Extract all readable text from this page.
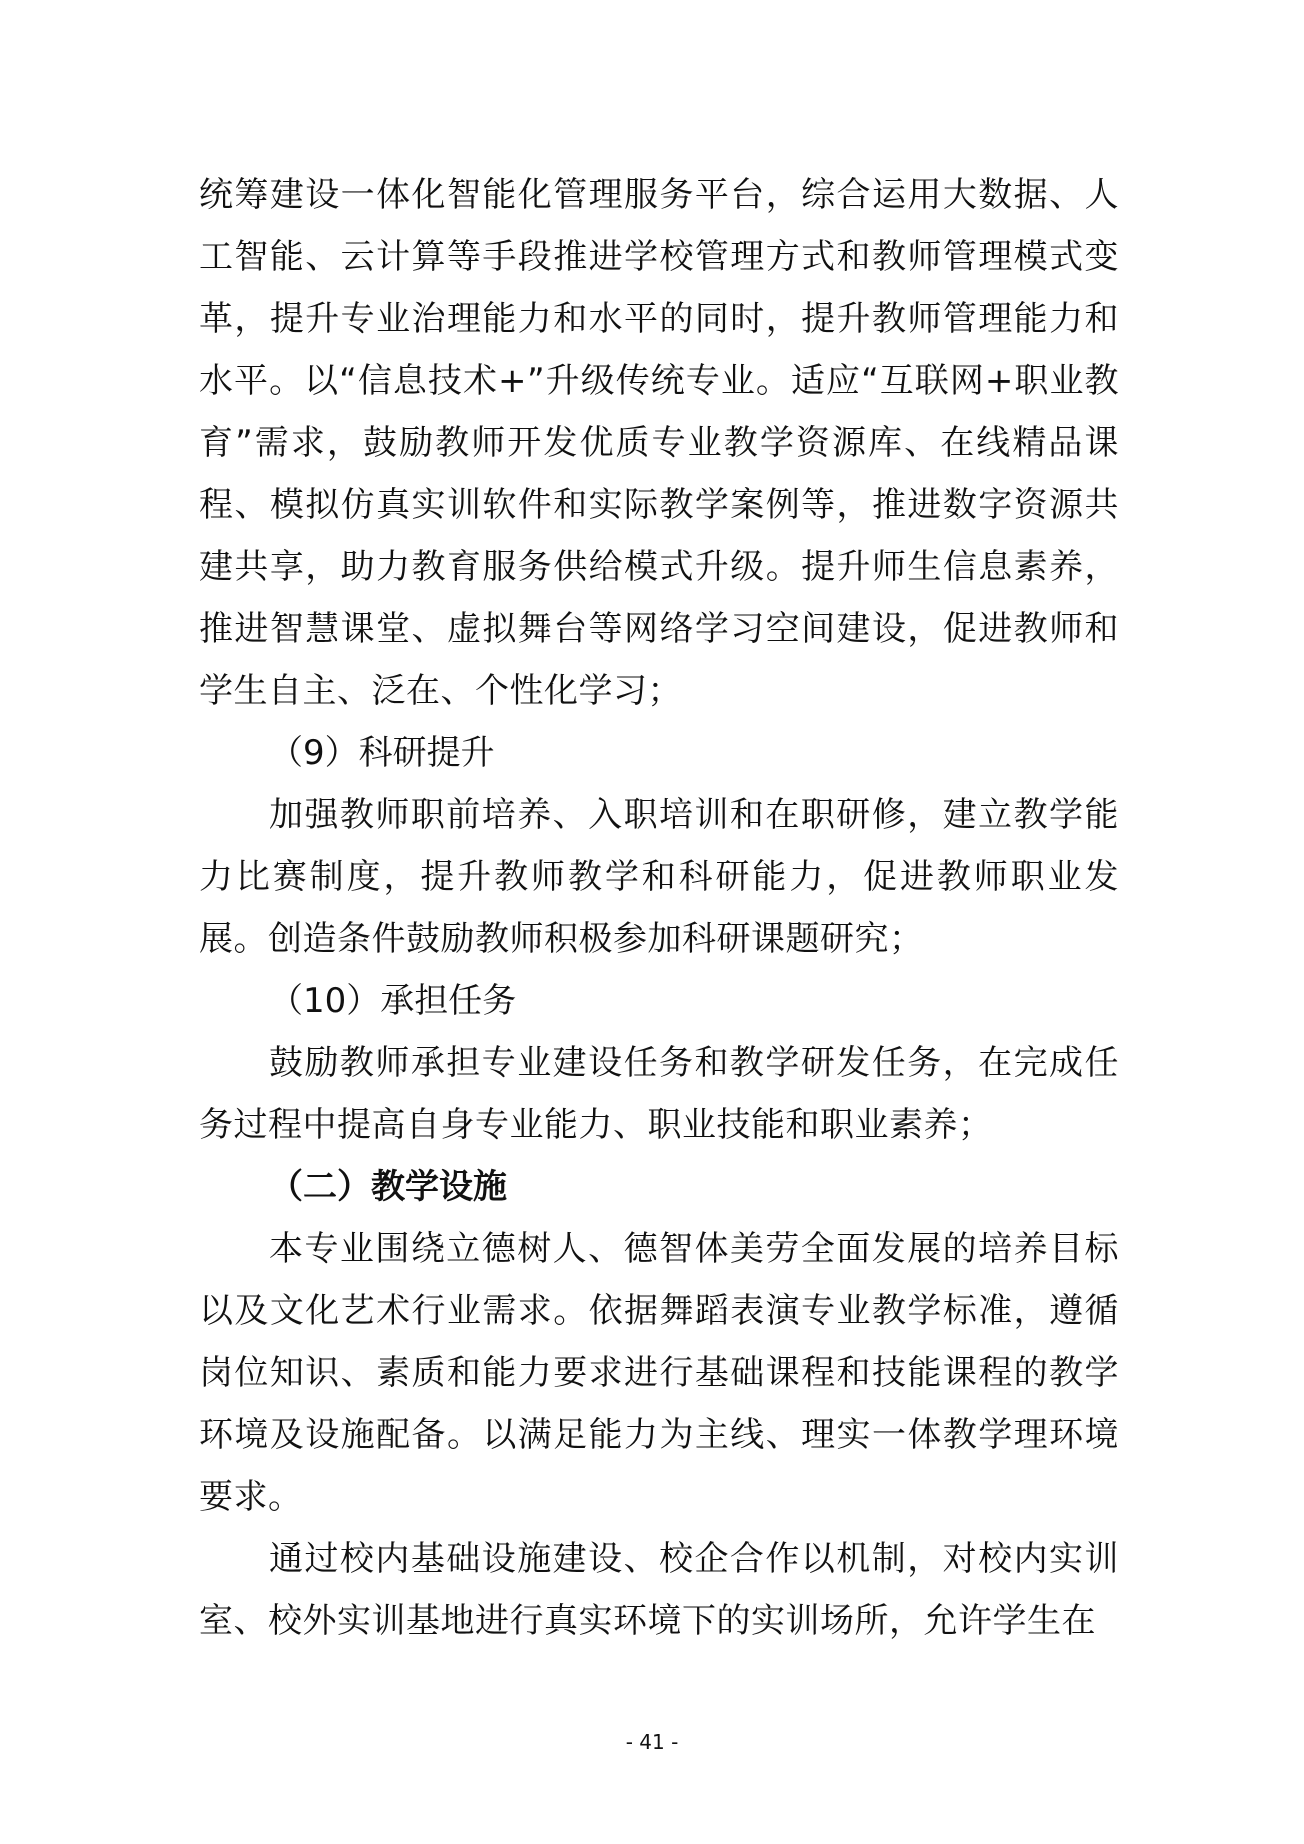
统筹建设一体化智能化管理服务平台，综合运用大数据、人工智能、云计算等手段推进学校管理方式和教师管理模式变革，提升专业治理能力和水平的同时，提升教师管理能力和水平。以“信息技术+”升级传统专业。适应“互联网+职业教育”需求，鼓励教师开发优质专业教学资源库、在线精品课程、模拟仿真实训软件和实际教学案例等，推进数字资源共建共享，助力教育服务供给模式升级。提升师生信息素养，推进智慧课堂、虚拟舞台等网络学习空间建设，促进教师和学生自主、泛在、个性化学习；

（9）科研提升

加强教师职前培养、入职培训和在职研修，建立教学能力比赛制度，提升教师教学和科研能力，促进教师职业发展。创造条件鼓励教师积极参加科研课题研究；

（10）承担任务

鼓励教师承担专业建设任务和教学研发任务，在完成任务过程中提高自身专业能力、职业技能和职业素养；

（二）教学设施

本专业围绕立德树人、德智体美劳全面发展的培养目标以及文化艺术行业需求。依据舞蹈表演专业教学标准，遵循岗位知识、素质和能力要求进行基础课程和技能课程的教学环境及设施配备。以满足能力为主线、理实一体教学理环境要求。

通过校内基础设施建设、校企合作以机制，对校内实训室、校外实训基地进行真实环境下的实训场所，允许学生在

- 41 -
